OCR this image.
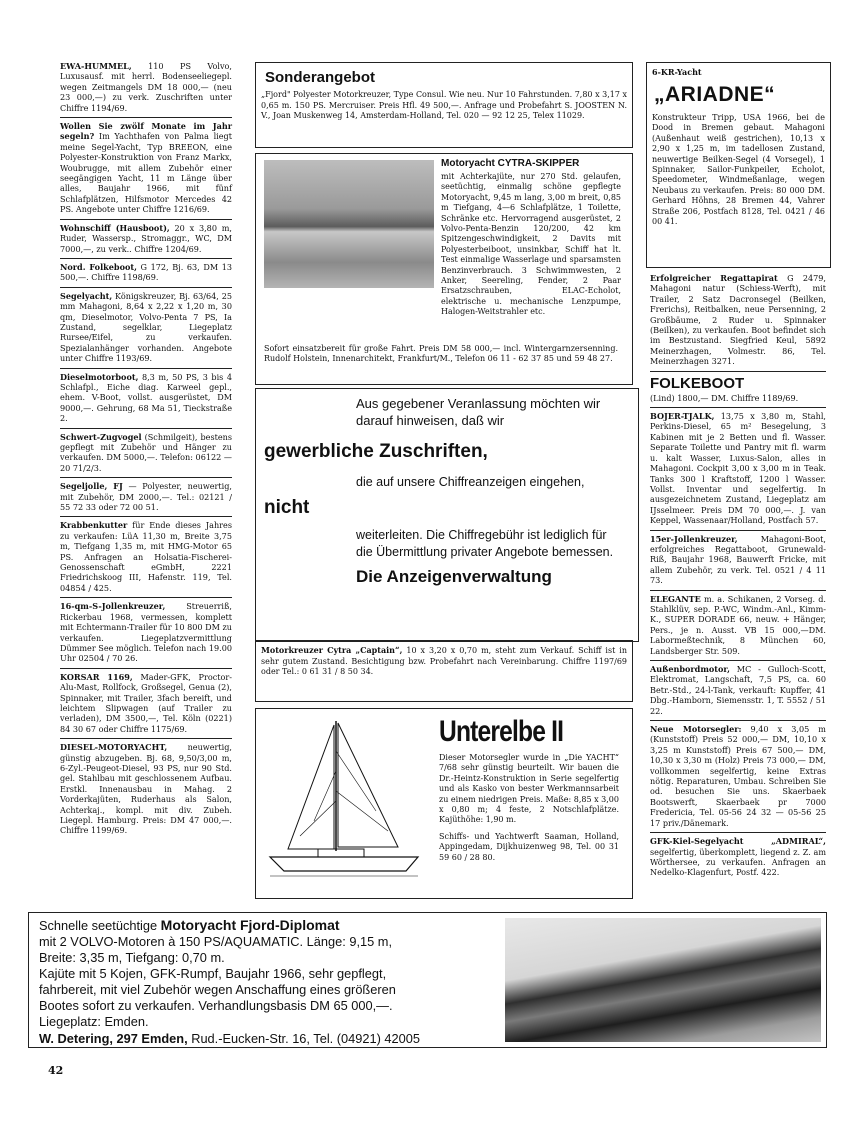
EWA-HUMMEL, 110 PS Volvo, Luxusausf. mit herrl. Bodenseeliegepl. wegen Zeitmangels DM 18 000,— (neu 23 000,—) zu verk. Zuschriften unter Chiffre 1194/69.
Wollen Sie zwölf Monate im Jahr segeln? Im Yachthafen von Palma liegt meine Segel-Yacht, Typ BREEON, eine Polyester-Konstruktion von Franz Markx, Woubrugge, mit allem Zubehör einer seegängigen Yacht, 11 m Länge über alles, Baujahr 1966, mit fünf Schlafplätzen, Hilfsmotor Mercedes 42 PS. Angebote unter Chiffre 1216/69.
Wohnschiff (Hausboot), 20 x 3,80 m, Ruder, Wassersp., Stromaggr., WC, DM 7000,—, zu verk.. Chiffre 1204/69.
Nord. Folkeboot, G 172, Bj. 63, DM 13 500,—. Chiffre 1198/69.
Segelyacht, Königskreuzer, Bj. 63/64, 25 mm Mahagoni, 8,64 x 2,22 x 1,20 m, 30 qm, Dieselmotor, Volvo-Penta 7 PS, Ia Zustand, segelklar, Liegeplatz Rursee/Eifel, zu verkaufen. Spezialanhänger vorhanden. Angebote unter Chiffre 1193/69.
Dieselmotorboot, 8,3 m, 50 PS, 3 bis 4 Schlafpl., Eiche diag. Karweel gepl., ehem. V-Boot, vollst. ausgerüstet, DM 9000,—. Gehrung, 68 Ma 51, Tieckstraße 2.
Schwert-Zugvogel (Schmilgeit), bestens gepflegt mit Zubehör und Hänger zu verkaufen. DM 5000,—. Telefon: 06122 — 20 71/2/3.
Segeljolle, FJ — Polyester, neuwertig, mit Zubehör, DM 2000,—. Tel.: 02121 / 55 72 33 oder 72 00 51.
Krabbenkutter für Ende dieses Jahres zu verkaufen: LüA 11,30 m, Breite 3,75 m, Tiefgang 1,35 m, mit HMG-Motor 65 PS. Anfragen an Holsatia-Fischerei-Genossenschaft eGmbH, 2221 Friedrichskoog III, Hafenstr. 119, Tel. 04854 / 425.
16-qm-S-Jollenkreuzer,	Streuerriß, Rickerbau 1968, vermessen, komplett mit Echtermann-Trailer für 10 800 DM zu verkaufen. Liegeplatzvermittlung Dümmer See möglich. Telefon nach 19.00 Uhr 02504 / 70 26.
KORSAR 1169, Mader-GFK, Proctor-Alu-Mast, Rollfock, Großsegel, Genua (2), Spinnaker, mit Trailer, 3fach bereift, und leichtem Slipwagen (auf Trailer zu verladen), DM 3500,—, Tel. Köln (0221) 84 30 67 oder Chiffre 1175/69.
DIESEL-MOTORYACHT,	neuwertig, günstig abzugeben. Bj. 68, 9,50/3,00 m, 6-Zyl.-Peugeot-Diesel, 93 PS, nur 90 Std. gel. Stahlbau mit geschlossenem Aufbau. Erstkl. Innenausbau in Mahag. 2 Vorderkajüten, Ruderhaus als Salon, Achterkaj., kompl. mit div. Zubeh. Liegepl. Hamburg. Preis: DM 47 000,—. Chiffre 1199/69.
Sonderangebot
„Fjord" Polyester Motorkreuzer, Type Consul. Wie neu. Nur 10 Fahrstunden. 7,80 x 3,17 x 0,65 m. 150 PS. Mercruiser. Preis Hfl. 49 500,—. Anfrage und Probefahrt S. JOOSTEN N. V., Joan Muskenweg 14, Amsterdam-Holland, Tel. 020 — 92 12 25, Telex 11029.
Motoryacht CYTRA-SKIPPER
mit Achterkajüte, nur 270 Std. gelaufen, seetüchtig, einmalig schöne gepflegte Motoryacht, 9,45 m lang, 3,00 m breit, 0,85 m Tiefgang, 4—6 Schlafplätze, 1 Toilette, Schränke etc. Hervorragend ausgerüstet, 2 Volvo-Penta-Benzin 120/200, 42 km Spitzengeschwindigkeit, 2 Davits mit Polyesterbeiboot, unsinkbar, Schiff hat lt. Test einmalige Wasserlage und sparsamsten Benzinverbrauch. 3 Schwimmwesten, 2 Anker, Seereling, Fender, 2 Paar Ersatzschrauben, ELAC-Echolot, elektrische u. mechanische Lenzpumpe, Halogen-Weitstrahler etc.
Sofort einsatzbereit für große Fahrt. Preis DM 58 000,— incl. Wintergarnzersenning. Rudolf Holstein, Innenarchitekt, Frankfurt/M., Telefon 06 11 - 62 37 85 und 59 48 27.
Aus gegebener Veranlassung möchten wir darauf hinweisen, daß wir
gewerbliche Zuschriften,
die auf unsere Chiffreanzeigen eingehen,
nicht
weiterleiten. Die Chiffregebühr ist lediglich für die Übermittlung privater Angebote bemessen.
Die Anzeigenverwaltung
Motorkreuzer Cytra „Captain“, 10 x 3,20 x 0,70 m, steht zum Verkauf. Schiff ist in sehr gutem Zustand. Besichtigung bzw. Probefahrt nach Vereinbarung. Chiffre 1197/69 oder Tel.: 0 61 31 / 8 50 34.
Unterelbe II
Dieser Motorsegler wurde in „Die YACHT“ 7/68 sehr günstig beurteilt. Wir bauen die Dr.-Heintz-Konstruktion in Serie segelfertig und als Kasko von bester Werkmannsarbeit zu einem niedrigen Preis. Maße: 8,85 x 3,00 x 0,80 m; 4 feste, 2 Notschlafplätze. Kajüthöhe: 1,90 m.
Schiffs- und Yachtwerft Saaman, Holland, Appingedam, Dijkhuizenweg 98, Tel. 00 31 59 60 / 28 80.
6-KR-Yacht
„ARIADNE“
Konstrukteur Tripp, USA 1966, bei de Dood in Bremen gebaut. Mahagoni (Außenhaut weiß gestrichen), 10,13 x 2,90 x 1,25 m, im tadellosen Zustand, neuwertige Beilken-Segel (4 Vorsegel), 1 Spinnaker, Sailor-Funkpeiler, Echolot, Speedometer, Windmeßanlage, wegen Neubaus zu verkaufen. Preis: 80 000 DM. Gerhard Höhns, 28 Bremen 44, Vahrer Straße 206, Postfach 8128, Tel. 0421 / 46 00 41.
Erfolgreicher Regattapirat G 2479, Mahagoni natur (Schiess-Werft), mit Trailer, 2 Satz Dacronsegel (Beilken, Frerichs), Reitbalken, neue Persenning, 2 Großbäume, 2 Ruder u. Spinnaker (Beilken), zu verkaufen. Boot befindet sich im Bestzustand. Siegfried Keul, 5892 Meinerzhagen, Volmestr. 86, Tel. Meinerzhagen 3271.
FOLKEBOOT
(Lind) 1800,— DM. Chiffre 1189/69.
BOJER-TJALK, 13,75 x 3,80 m, Stahl, Perkins-Diesel, 65 m² Besegelung, 3 Kabinen mit je 2 Betten und fl. Wasser. Separate Toilette und Pantry mit fl. warm u. kalt Wasser, Luxus-Salon, alles in Mahagoni. Cockpit 3,00 x 3,00 m in Teak. Tanks 300 l Kraftstoff, 1200 l Wasser. Vollst. Inventar und segelfertig. In ausgezeichnetem Zustand, Liegeplatz am IJsselmeer. Preis DM 70 000,—. J. van Keppel, Wassenaar/Holland, Postfach 57.
15er-Jollenkreuzer,	Mahagoni-Boot, erfolgreiches Regattaboot, Grunewald-Riß, Baujahr 1968, Bauwerft Fricke, mit allem Zubehör, zu verk. Tel. 0521 / 4 11 73.
ELEGANTE m. a. Schikanen, 2 Vorseg. d. Stahlklüv, sep. P.-WC, Windm.-Anl., Kimm-K., SUPER DORADE 66, neuw. + Hänger, Pers., je n. Ausst. VB 15 000,—DM. Labormeßtechnik, 8 München 60, Landsberger Str. 509.
Außenbordmotor, MC - Gulloch-Scott, Elektromat, Langschaft, 7,5 PS, ca. 60 Betr.-Std., 24-l-Tank, verkauft: Kupffer, 41 Dbg.-Hamborn, Siemensstr. 1, T. 5552 / 51 22.
Neue Motorsegler: 9,40 x 3,05 m (Kunststoff) Preis 52 000,— DM, 10,10 x 3,25 m Kunststoff) Preis 67 500,— DM, 10,30 x 3,30 m (Holz) Preis 73 000,— DM, vollkommen segelfertig, keine Extras nötig. Reparaturen, Umbau. Schreiben Sie od. besuchen Sie uns. Skaerbaek Bootswerft, Skaerbaek pr 7000 Fredericia, Tel. 05-56 24 32 — 05-56 25 17 priv./Dänemark.
GFK-Kiel-Segelyacht „ADMIRAL“, segelfertig, überkomplett, liegend z. Z. am Wörthersee, zu verkaufen. Anfragen an Nedelko-Klagenfurt, Postf. 422.
Schnelle seetüchtige Motoryacht Fjord-Diplomat
mit 2 VOLVO-Motoren à 150 PS/AQUAMATIC. Länge: 9,15 m,
Breite: 3,35 m, Tiefgang: 0,70 m.
Kajüte mit 5 Kojen, GFK-Rumpf, Baujahr 1966, sehr gepflegt,
fahrbereit, mit viel Zubehör wegen Anschaffung eines größeren
Bootes sofort zu verkaufen. Verhandlungsbasis DM 65 000,—.
Liegeplatz: Emden.
W. Detering, 297 Emden, Rud.-Eucken-Str. 16, Tel. (04921) 42005
42
